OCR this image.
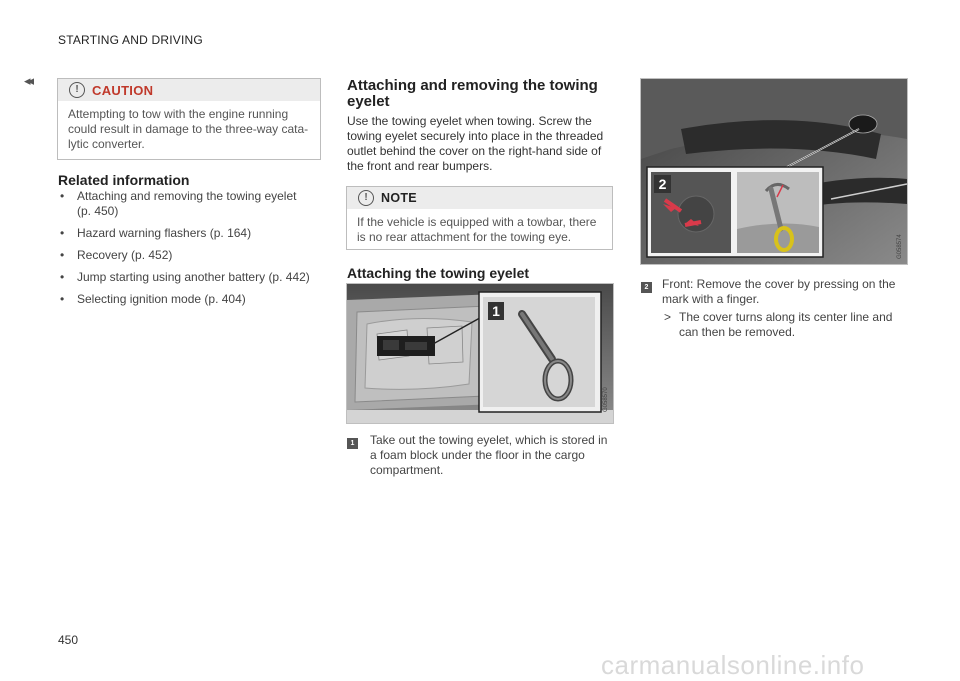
STARTING AND DRIVING
◂◂
!	CAUTION
Attempting to tow with the engine running
could result in damage to the three-way cata-
lytic converter.
Related information
• Attaching and removing the towing eyelet
(p. 450)
• Hazard warning flashers (p. 164)
• Recovery (p. 452)
• Jump starting using another battery (p. 442)
• Selecting ignition mode (p. 404)
Attaching and removing the towing
eyelet
Use the towing eyelet when towing. Screw the
towing eyelet securely into place in the threaded
outlet behind the cover on the right-hand side of
the front and rear bumpers.
!	NOTE
If the vehicle is equipped with a towbar, there
is no rear attachment for the towing eye.
Attaching the towing eyelet
1
G058570
1 Take out the towing eyelet, which is stored in
a foam block under the floor in the cargo
compartment.
2
G058574
2 Front: Remove the cover by pressing on the
mark with a finger.
> The cover turns along its center line and
can then be removed.
450
carmanualsonline.info
